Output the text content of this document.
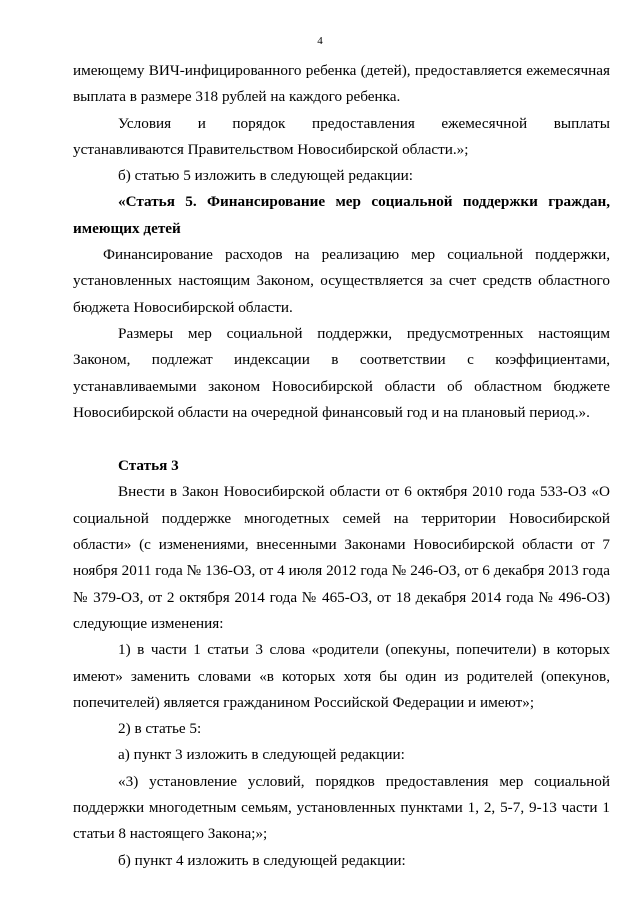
4

имеющему ВИЧ-инфицированного ребенка (детей), предоставляется ежемесячная выплата в размере 318 рублей на каждого ребенка.

Условия и порядок предоставления ежемесячной выплаты устанавливаются Правительством Новосибирской области.»;

б) статью 5 изложить в следующей редакции:

«Статья 5. Финансирование мер социальной поддержки граждан, имеющих детей

Финансирование расходов на реализацию мер социальной поддержки, установленных настоящим Законом, осуществляется за счет средств областного бюджета Новосибирской области.

Размеры мер социальной поддержки, предусмотренных настоящим Законом, подлежат индексации в соответствии с коэффициентами, устанавливаемыми законом Новосибирской области об областном бюджете Новосибирской области на очередной финансовый год и на плановый период.».

Статья 3

Внести в Закон Новосибирской области от 6 октября 2010 года 533-ОЗ «О социальной поддержке многодетных семей на территории Новосибирской области» (с изменениями, внесенными Законами Новосибирской области от 7 ноября 2011 года № 136-ОЗ, от 4 июля 2012 года № 246-ОЗ, от 6 декабря 2013 года № 379-ОЗ, от 2 октября 2014 года № 465-ОЗ, от 18 декабря 2014 года № 496-ОЗ) следующие изменения:

1) в части 1 статьи 3 слова «родители (опекуны, попечители) в которых имеют» заменить словами «в которых хотя бы один из родителей (опекунов, попечителей) является гражданином Российской Федерации и имеют»;

2) в статье 5:

а) пункт 3 изложить в следующей редакции:

«3) установление условий, порядков предоставления мер социальной поддержки многодетным семьям, установленных пунктами 1, 2, 5-7, 9-13 части 1 статьи 8 настоящего Закона;»;

б) пункт 4 изложить в следующей редакции:
